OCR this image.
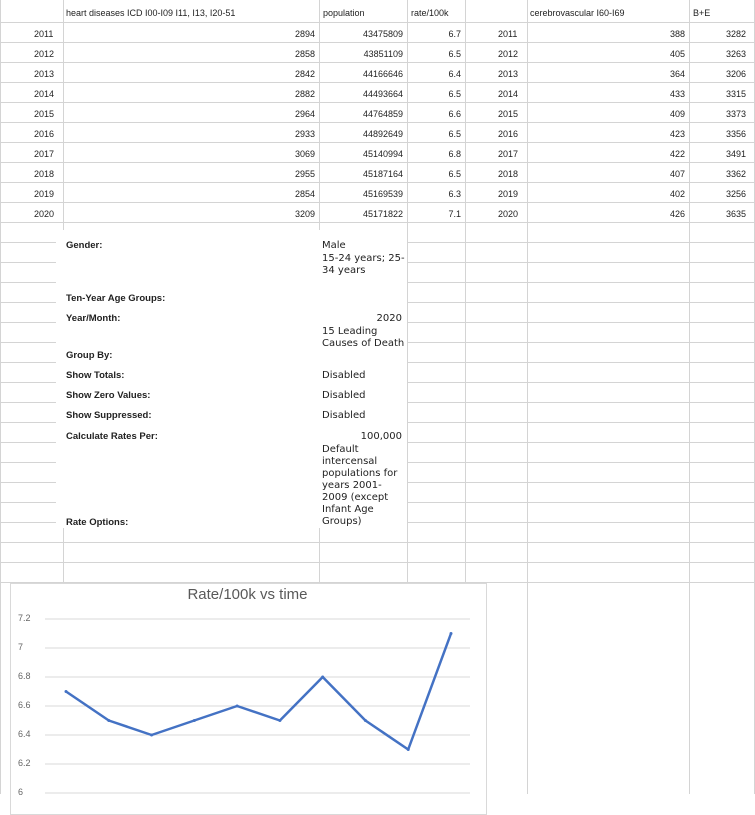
heart diseases ICD I00-I09 I11, I13, I20-51	population	rate/100k	cerebrovascular I60-I69	B+E
2011	2894	43475809	6.7	2011	388	3282
2012	2858	43851109	6.5	2012	405	3263
2013	2842	44166646	6.4	2013	364	3206
2014	2882	44493664	6.5	2014	433	3315
2015	2964	44764859	6.6	2015	409	3373
2016	2933	44892649	6.5	2016	423	3356
2017	3069	45140994	6.8	2017	422	3491
2018	2955	45187164	6.5	2018	407	3362
2019	2854	45169539	6.3	2019	402	3256
2020	3209	45171822	7.1	2020	426	3635
Gender:	Male
Ten-Year Age Groups:
15-24 years; 25-34 years
Year/Month:	2020
Group By:
15 Leading Causes of Death
Show Totals:	Disabled
Show Zero Values:	Disabled
Show Suppressed:	Disabled
Calculate Rates Per:	100,000
Rate Options:
Default intercensal populations for years 2001-2009 (except Infant Age Groups)
Rate/100k vs time
7.2
7
6.8
6.6
6.4
6.2
6
